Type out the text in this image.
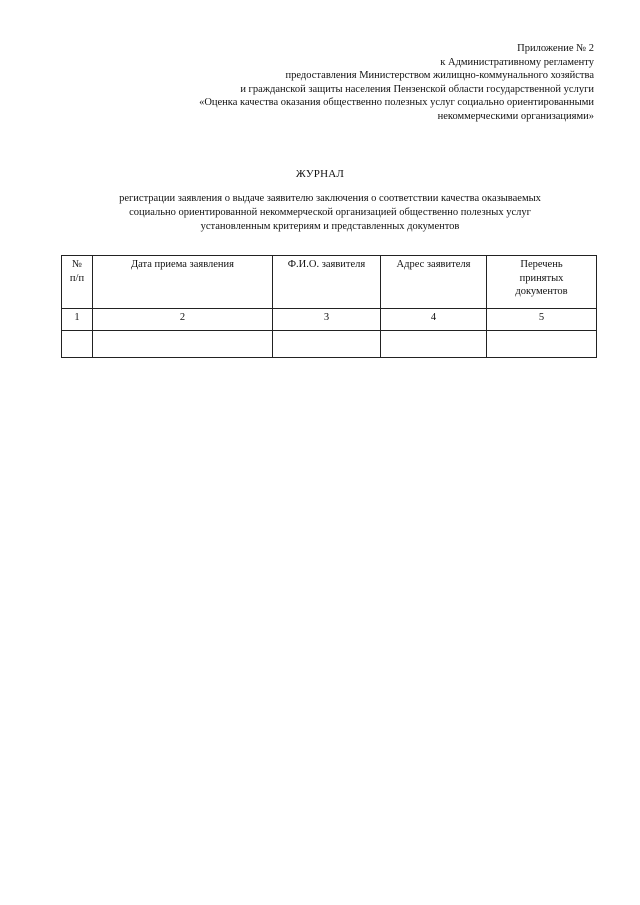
Приложение № 2
к Административному регламенту
предоставления Министерством жилищно-коммунального хозяйства
и гражданской защиты населения Пензенской области государственной услуги
«Оценка качества оказания общественно полезных услуг социально ориентированными
некоммерческими организациями»
ЖУРНАЛ
регистрации заявления о выдаче заявителю заключения о соответствии качества оказываемых
социально ориентированной некоммерческой организацией общественно полезных услуг
установленным критериям и представленных документов
№
п/п	Дата приема заявления	Ф.И.О. заявителя	Адрес заявителя	Перечень
принятых
документов
1	2	3	4	5
